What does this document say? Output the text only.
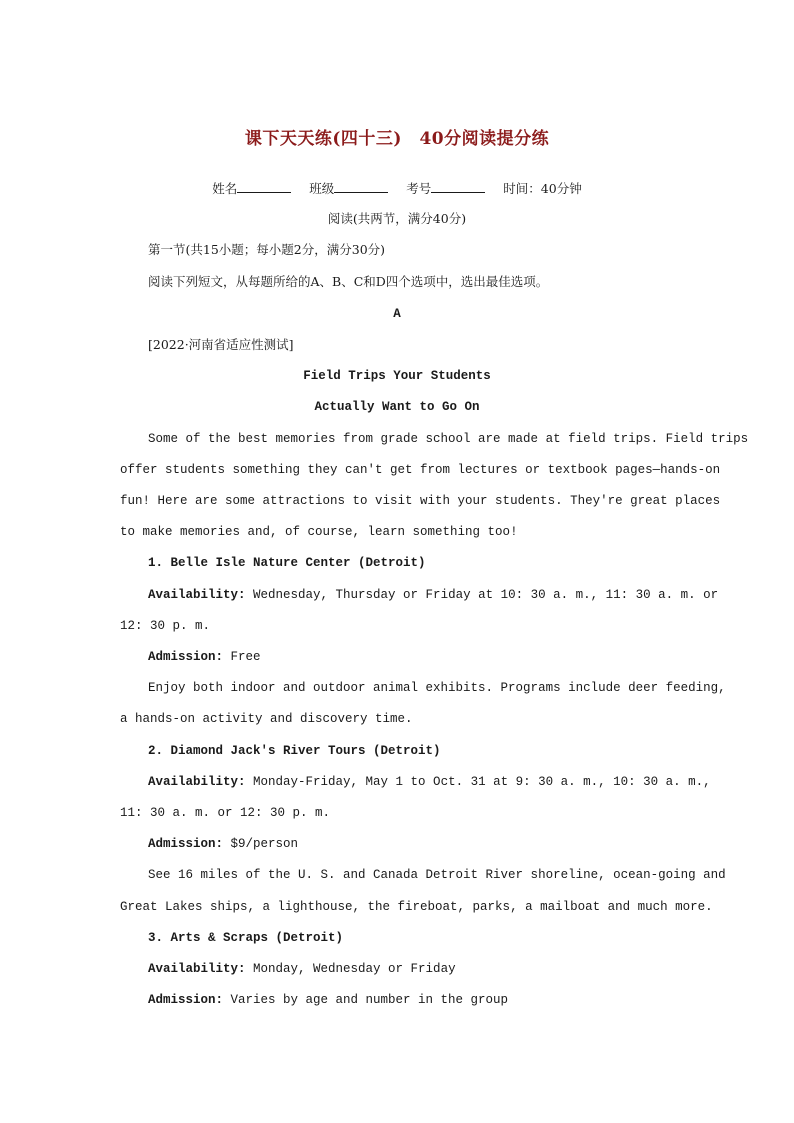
课下天天练(四十三)　40分阅读提分练
姓名	班级	考号	时间：40分钟
阅读(共两节，满分40分)
第一节(共15小题；每小题2分，满分30分)
阅读下列短文，从每题所给的A、B、C和D四个选项中，选出最佳选项。
A
[2022·河南省适应性测试]
Field Trips Your Students
Actually Want to Go On
Some of the best memories from grade school are made at field trips. Field trips
offer students something they can't get from lectures or textbook pages—hands-on
fun! Here are some attractions to visit with your students. They're great places
to make memories and, of course, learn something too!
1. Belle Isle Nature Center (Detroit)
Availability: Wednesday, Thursday or Friday at 10: 30 a. m., 11: 30 a. m. or
12: 30 p. m.
Admission: Free
Enjoy both indoor and outdoor animal exhibits. Programs include deer feeding,
a hands-on activity and discovery time.
2. Diamond Jack's River Tours (Detroit)
Availability: Monday-Friday, May 1 to Oct. 31 at 9: 30 a. m., 10: 30 a. m.,
11: 30 a. m. or 12: 30 p. m.
Admission: $9/person
See 16 miles of the U. S. and Canada Detroit River shoreline, ocean-going and
Great Lakes ships, a lighthouse, the fireboat, parks, a mailboat and much more.
3. Arts & Scraps (Detroit)
Availability: Monday, Wednesday or Friday
Admission: Varies by age and number in the group
